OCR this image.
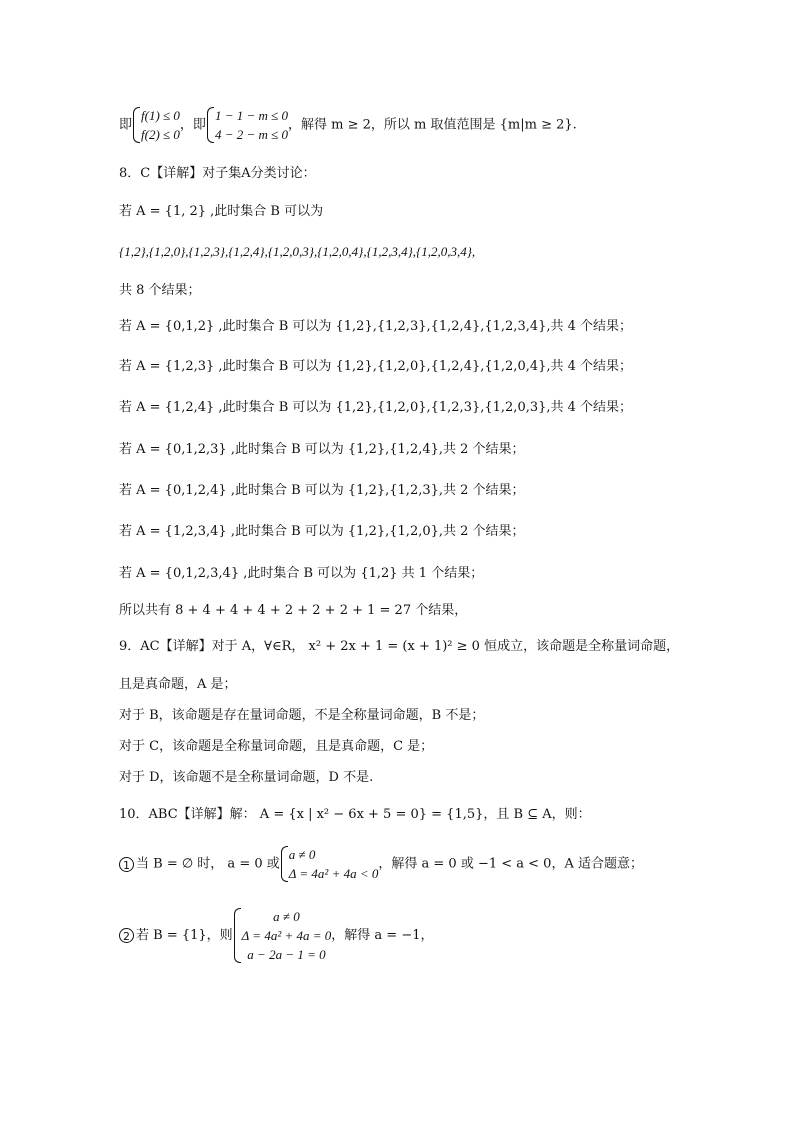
即
f(1) ≤ 0
f(2) ≤ 0
，即
1 − 1 − m ≤ 0
4 − 2 − m ≤ 0
，解得 m ≥ 2，所以 m 取值范围是 {m|m ≥ 2}.
8．C【详解】对子集A分类讨论：
若 A = {1, 2} ,此时集合 B 可以为
{1,2},{1,2,0},{1,2,3},{1,2,4},{1,2,0,3},{1,2,0,4},{1,2,3,4},{1,2,0,3,4},
共 8 个结果；
若 A = {0,1,2} ,此时集合 B 可以为 {1,2},{1,2,3},{1,2,4},{1,2,3,4},共 4 个结果；
若 A = {1,2,3} ,此时集合 B 可以为 {1,2},{1,2,0},{1,2,4},{1,2,0,4},共 4 个结果；
若 A = {1,2,4} ,此时集合 B 可以为 {1,2},{1,2,0},{1,2,3},{1,2,0,3},共 4 个结果；
若 A = {0,1,2,3} ,此时集合 B 可以为 {1,2},{1,2,4},共 2 个结果；
若 A = {0,1,2,4} ,此时集合 B 可以为 {1,2},{1,2,3},共 2 个结果；
若 A = {1,2,3,4} ,此时集合 B 可以为 {1,2},{1,2,0},共 2 个结果；
若 A = {0,1,2,3,4} ,此时集合 B 可以为 {1,2} 共 1 个结果；
所以共有 8 + 4 + 4 + 4 + 2 + 2 + 2 + 1 = 27 个结果，
9．AC【详解】对于 A，∀∈R， x² + 2x + 1 = (x + 1)² ≥ 0 恒成立，该命题是全称量词命题，
且是真命题，A 是；
对于 B，该命题是存在量词命题，不是全称量词命题，B 不是；
对于 C，该命题是全称量词命题，且是真命题，C 是；
对于 D，该命题不是全称量词命题，D 不是.
10．ABC【详解】解： A = {x | x² − 6x + 5 = 0} = {1,5}，且 B ⊆ A，则：
1 当 B = ∅ 时， a = 0 或
a ≠ 0
Δ = 4a² + 4a < 0
，解得 a = 0 或 −1 < a < 0，A 适合题意；
2 若 B = {1}，则
a ≠ 0
Δ = 4a² + 4a = 0
a − 2a − 1 = 0
，解得 a = −1，
